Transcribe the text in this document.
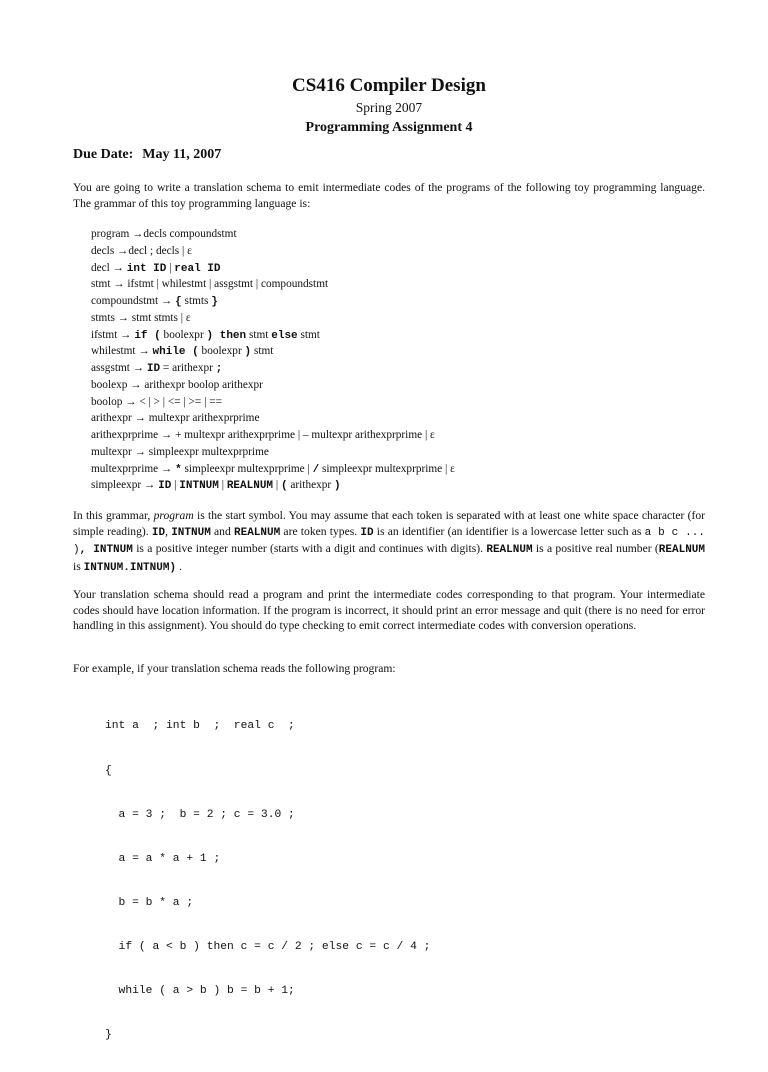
CS416 Compiler Design
Spring 2007
Programming Assignment 4
Due Date: May 11, 2007
You are going to write a translation schema to emit intermediate codes of the programs of the following toy programming language. The grammar of this toy programming language is:
program →decls compoundstmt
decls →decl ; decls | ε
decl → int ID | real ID
stmt → ifstmt | whilestmt | assgstmt | compoundstmt
compoundstmt → { stmts }
stmts → stmt stmts | ε
ifstmt → if ( boolexpr ) then stmt else stmt
whilestmt → while ( boolexpr ) stmt
assgstmt → ID = arithexpr ;
boolexp → arithexpr boolop arithexpr
boolop → < | > | <= | >= | ==
arithexpr → multexpr arithexprprime
arithexprprime → + multexpr arithexprprime | – multexpr arithexprprime | ε
multexpr → simpleexpr multexprprime
multexprprime → * simpleexpr multexprprime | / simpleexpr multexprprime | ε
simpleexpr → ID | INTNUM | REALNUM | ( arithexpr )
In this grammar, program is the start symbol. You may assume that each token is separated with at least one white space character (for simple reading). ID, INTNUM and REALNUM are token types. ID is an identifier (an identifier is a lowercase letter such as a b c ... ), INTNUM is a positive integer number (starts with a digit and continues with digits). REALNUM is a positive real number (REALNUM is INTNUM.INTNUM) .
Your translation schema should read a program and print the intermediate codes corresponding to that program. Your intermediate codes should have location information. If the program is incorrect, it should print an error message and quit (there is no need for error handling in this assignment). You should do type checking to emit correct intermediate codes with conversion operations.
For example, if your translation schema reads the following program:

int a  ; int b  ;  real c  ;

{

a = 3 ;  b = 2 ; c = 3.0 ;

a = a * a + 1 ;

b = b * a ;

if ( a < b ) then c = c / 2 ; else c = c / 4 ;

while ( a > b ) b = b + 1;

}
